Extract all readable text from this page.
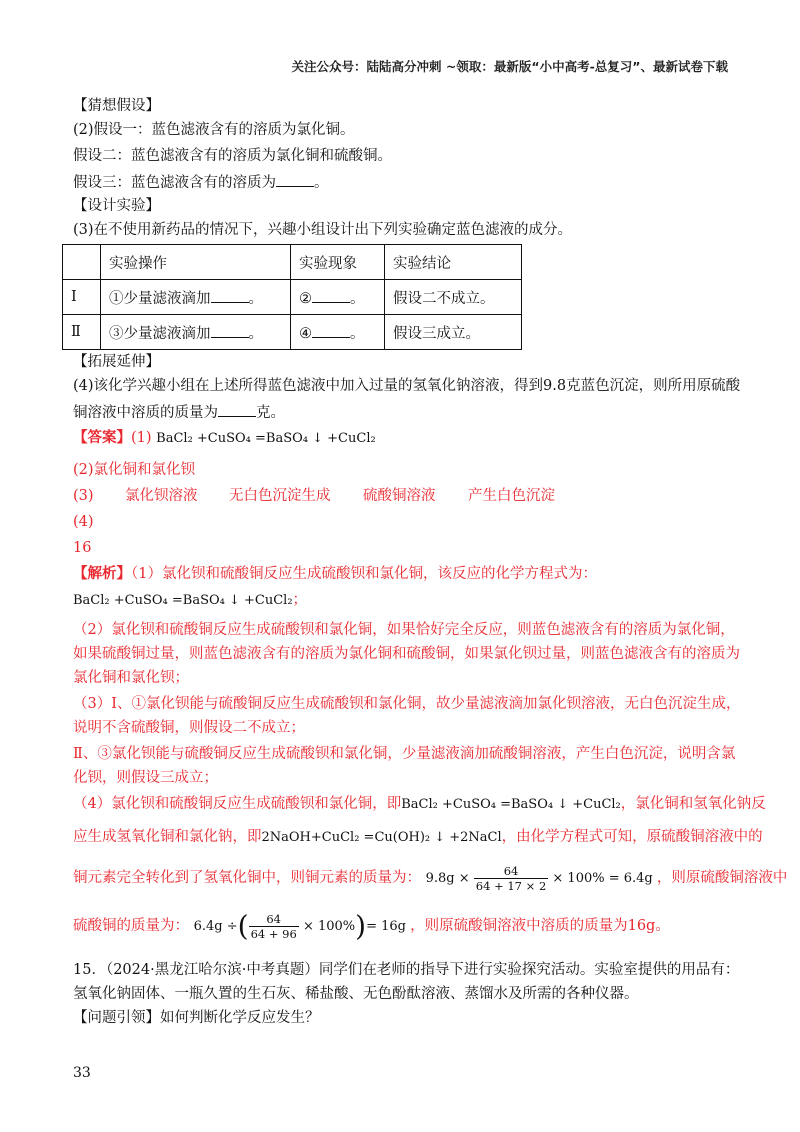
关注公众号：陆陆高分冲刺 ~领取：最新版“小中高考-总复习”、最新试卷下载
【猜想假设】
(2)假设一：蓝色滤液含有的溶质为氯化铜。
假设二：蓝色滤液含有的溶质为氯化铜和硫酸铜。
假设三：蓝色滤液含有的溶质为	。
【设计实验】
(3)在不使用新药品的情况下，兴趣小组设计出下列实验确定蓝色滤液的成分。
	实验操作	实验现象	实验结论
Ⅰ	①少量滤液滴加 。	② 。	假设二不成立。
Ⅱ	③少量滤液滴加 。	④ 。	假设三成立。
【拓展延伸】
(4)该化学兴趣小组在上述所得蓝色滤液中加入过量的氢氧化钠溶液，得到9.8克蓝色沉淀，则所用原硫酸
铜溶液中溶质的质量为	克。
【答案】(1) BaCl₂ +CuSO₄ =BaSO₄ ↓ +CuCl₂
(2)氯化铜和氯化钡
(3) 氯化钡溶液 无白色沉淀生成 硫酸铜溶液 产生白色沉淀
(4)
16
【解析】（1）氯化钡和硫酸铜反应生成硫酸钡和氯化铜，该反应的化学方程式为：
BaCl₂ +CuSO₄ =BaSO₄ ↓ +CuCl₂；
（2）氯化钡和硫酸铜反应生成硫酸钡和氯化铜，如果恰好完全反应，则蓝色滤液含有的溶质为氯化铜，
如果硫酸铜过量，则蓝色滤液含有的溶质为氯化铜和硫酸铜，如果氯化钡过量，则蓝色滤液含有的溶质为
氯化铜和氯化钡；
（3）Ⅰ、①氯化钡能与硫酸铜反应生成硫酸钡和氯化铜，故少量滤液滴加氯化钡溶液，无白色沉淀生成，
说明不含硫酸铜，则假设二不成立；
Ⅱ、③氯化钡能与硫酸铜反应生成硫酸钡和氯化铜，少量滤液滴加硫酸铜溶液，产生白色沉淀，说明含氯
化钡，则假设三成立；
（4）氯化钡和硫酸铜反应生成硫酸钡和氯化铜，即BaCl₂ +CuSO₄ =BaSO₄ ↓ +CuCl₂，氯化铜和氢氧化钠反
应生成氢氧化铜和氯化钠，即2NaOH+CuCl₂ =Cu(OH)₂ ↓ +2NaCl，由化学方程式可知，原硫酸铜溶液中的
铜元素完全转化到了氢氧化铜中，则铜元素的质量为： $9.8g \times \frac{64}{64 + 17 \times 2} \times 100\% = 6.4g$ ，则原硫酸铜溶液中
硫酸铜的质量为： 6.4g ÷( $\frac{64}{64 + 96} \times 100\%)= 16g$ ，则原硫酸铜溶液中溶质的质量为16g。
15．（2024·黑龙江哈尔滨·中考真题）同学们在老师的指导下进行实验探究活动。实验室提供的用品有：
氢氧化钠固体、一瓶久置的生石灰、稀盐酸、无色酚酞溶液、蒸馏水及所需的各种仪器。
【问题引领】如何判断化学反应发生？
33
